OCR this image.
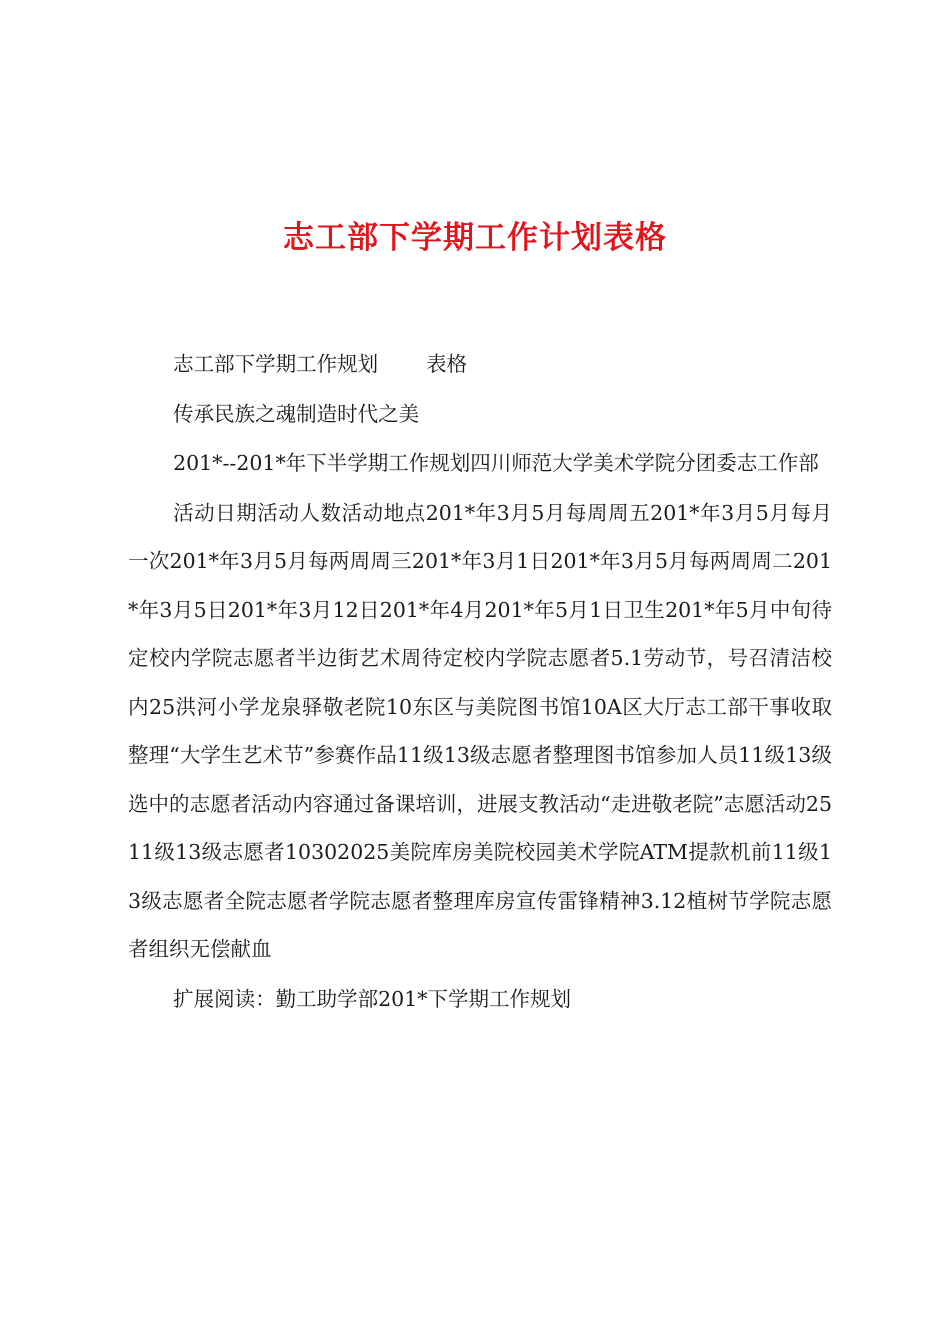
志工部下学期工作计划表格

志工部下学期工作规划 表格

传承民族之魂制造时代之美

201*--201*年下半学期工作规划四川师范大学美术学院分团委志工作部

活动日期活动人数活动地点201*年3月5月每周周五201*年3月5月每月一次201*年3月5月每两周周三201*年3月1日201*年3月5月每两周周二201*年3月5日201*年3月12日201*年4月201*年5月1日卫生201*年5月中旬待定校内学院志愿者半边街艺术周待定校内学院志愿者5.1劳动节，号召清洁校内25洪河小学龙泉驿敬老院10东区与美院图书馆10A区大厅志工部干事收取整理“大学生艺术节”参赛作品11级13级志愿者整理图书馆参加人员11级13级选中的志愿者活动内容通过备课培训，进展支教活动“走进敬老院”志愿活动2511级13级志愿者10302025美院库房美院校园美术学院ATM提款机前11级13级志愿者全院志愿者学院志愿者整理库房宣传雷锋精神3.12植树节学院志愿者组织无偿献血

扩展阅读：勤工助学部201*下学期工作规划
